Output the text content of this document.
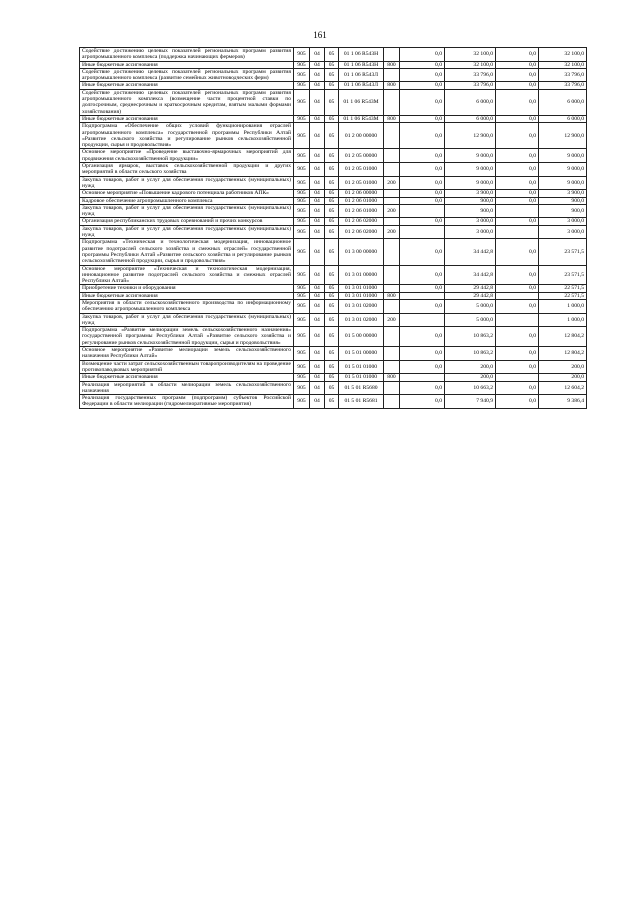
161
Содействие достижению целевых показателей региональных программ развития агропромышленного комплекса (поддержка начинающих фермеров)	905	04	05	01 1 06 R543Н		0,0	32 100,0	0,0	32 100,0
Иные бюджетные ассигнования	905	04	05	01 1 06 R543Н	800	0,0	32 100,0	0,0	32 100,0
Содействие достижению целевых показателей региональных программ развития агропромышленного комплекса (развитие семейных животноводческих ферм)	905	04	05	01 1 06 R543Л		0,0	33 796,0	0,0	33 796,0
Иные бюджетные ассигнования	905	04	05	01 1 06 R543Л	800	0,0	33 796,0	0,0	33 796,0
Содействие достижению целевых показателей региональных программ развития агропромышленного комплекса (возмещение части процентной ставки по долгосрочным, среднесрочным и краткосрочным кредитам, взятым малыми формами хозяйствования)	905	04	05	01 1 06 R543М		0,0	6 000,0	0,0	6 000,0
Иные бюджетные ассигнования	905	04	05	01 1 06 R543М	800	0,0	6 000,0	0,0	6 000,0
Подпрограмма «Обеспечение общих условий функционирования отраслей агропромышленного комплекса» государственной программы Республики Алтай «Развитие сельского хозяйства и регулирование рынков сельскохозяйственной продукции, сырья и продовольствия»	905	04	05	01 2 00 00000		0,0	12 900,0	0,0	12 900,0
Основное мероприятие «Проведение выставочно-ярмарочных мероприятий для продвижения сельскохозяйственной продукции»	905	04	05	01 2 05 00000		0,0	9 000,0	0,0	9 000,0
Организация ярмарок, выставок сельскохозяйственной продукции и других мероприятий в области сельского хозяйства	905	04	05	01 2 05 01000		0,0	9 000,0	0,0	9 000,0
Закупка товаров, работ и услуг для обеспечения государственных (муниципальных) нужд	905	04	05	01 2 05 01000	200	0,0	9 000,0	0,0	9 000,0
Основное мероприятие «Повышение кадрового потенциала работников АПК»	905	04	05	01 2 06 00000		0,0	3 900,0	0,0	3 900,0
Кадровое обеспечение агропромышленного комплекса	905	04	05	01 2 06 01000		0,0	900,0	0,0	900,0
Закупка товаров, работ и услуг для обеспечения государственных (муниципальных) нужд	905	04	05	01 2 06 01000	200		900,0		900,0
Организация республиканских трудовых соревнований и прочих конкурсов	905	04	05	01 2 06 02000		0,0	3 000,0	0,0	3 000,0
Закупка товаров, работ и услуг для обеспечения государственных (муниципальных) нужд	905	04	05	01 2 06 02000	200		3 000,0		3 000,0
Подпрограмма «Техническая и технологическая модернизация, инновационное развитие подотраслей сельского хозяйства и смежных отраслей» государственной программы Республики Алтай «Развитие сельского хозяйства и регулирование рынков сельскохозяйственной продукции, сырья и продовольствия»	905	04	05	01 3 00 00000		0,0	34 442,8	0,0	23 571,5
Основное мероприятие «Техническая и технологическая модернизация, инновационное развитие подотраслей сельского хозяйства и смежных отраслей Республики Алтай»	905	04	05	01 3 01 00000		0,0	34 442,8	0,0	23 571,5
Приобретение техники и оборудования	905	04	05	01 3 01 01000		0,0	29 442,8	0,0	22 571,5
Иные бюджетные ассигнования	905	04	05	01 3 01 01000	800		29 442,8		22 571,5
Мероприятия в области сельскохозяйственного производства по информационному обеспечению агропромышленного комплекса	905	04	05	01 3 01 02000		0,0	5 000,0	0,0	1 000,0
Закупка товаров, работ и услуг для обеспечения государственных (муниципальных) нужд	905	04	05	01 3 01 02000	200		5 000,0		1 000,0
Подпрограмма «Развитие мелиорации земель сельскохозяйственного назначения» государственной программы Республики Алтай «Развитие сельского хозяйства и регулирование рынков сельскохозяйственной продукции, сырья и продовольствия»	905	04	05	01 5 00 00000		0,0	10 863,2	0,0	12 804,2
Основное мероприятие «Развитие мелиорации земель сельскохозяйственного назначения Республики Алтай»	905	04	05	01 5 01 00000		0,0	10 863,2	0,0	12 804,2
Возмещение части затрат сельскохозяйственным товаропроизводителям на проведение противопаводковых мероприятий	905	04	05	01 5 01 01000		0,0	200,0	0,0	200,0
Иные бюджетные ассигнования	905	04	05	01 5 01 01000	800		200,0		200,0
Реализация мероприятий в области мелиорации земель сельскохозяйственного назначения	905	04	05	01 5 01 R5680		0,0	10 663,2	0,0	12 604,2
Реализация государственных программ (подпрограмм) субъектов Российской Федерации в области мелиорации (гидромелиоративные мероприятия)	905	04	05	01 5 01 R5681		0,0	7 940,9	0,0	9 386,4
